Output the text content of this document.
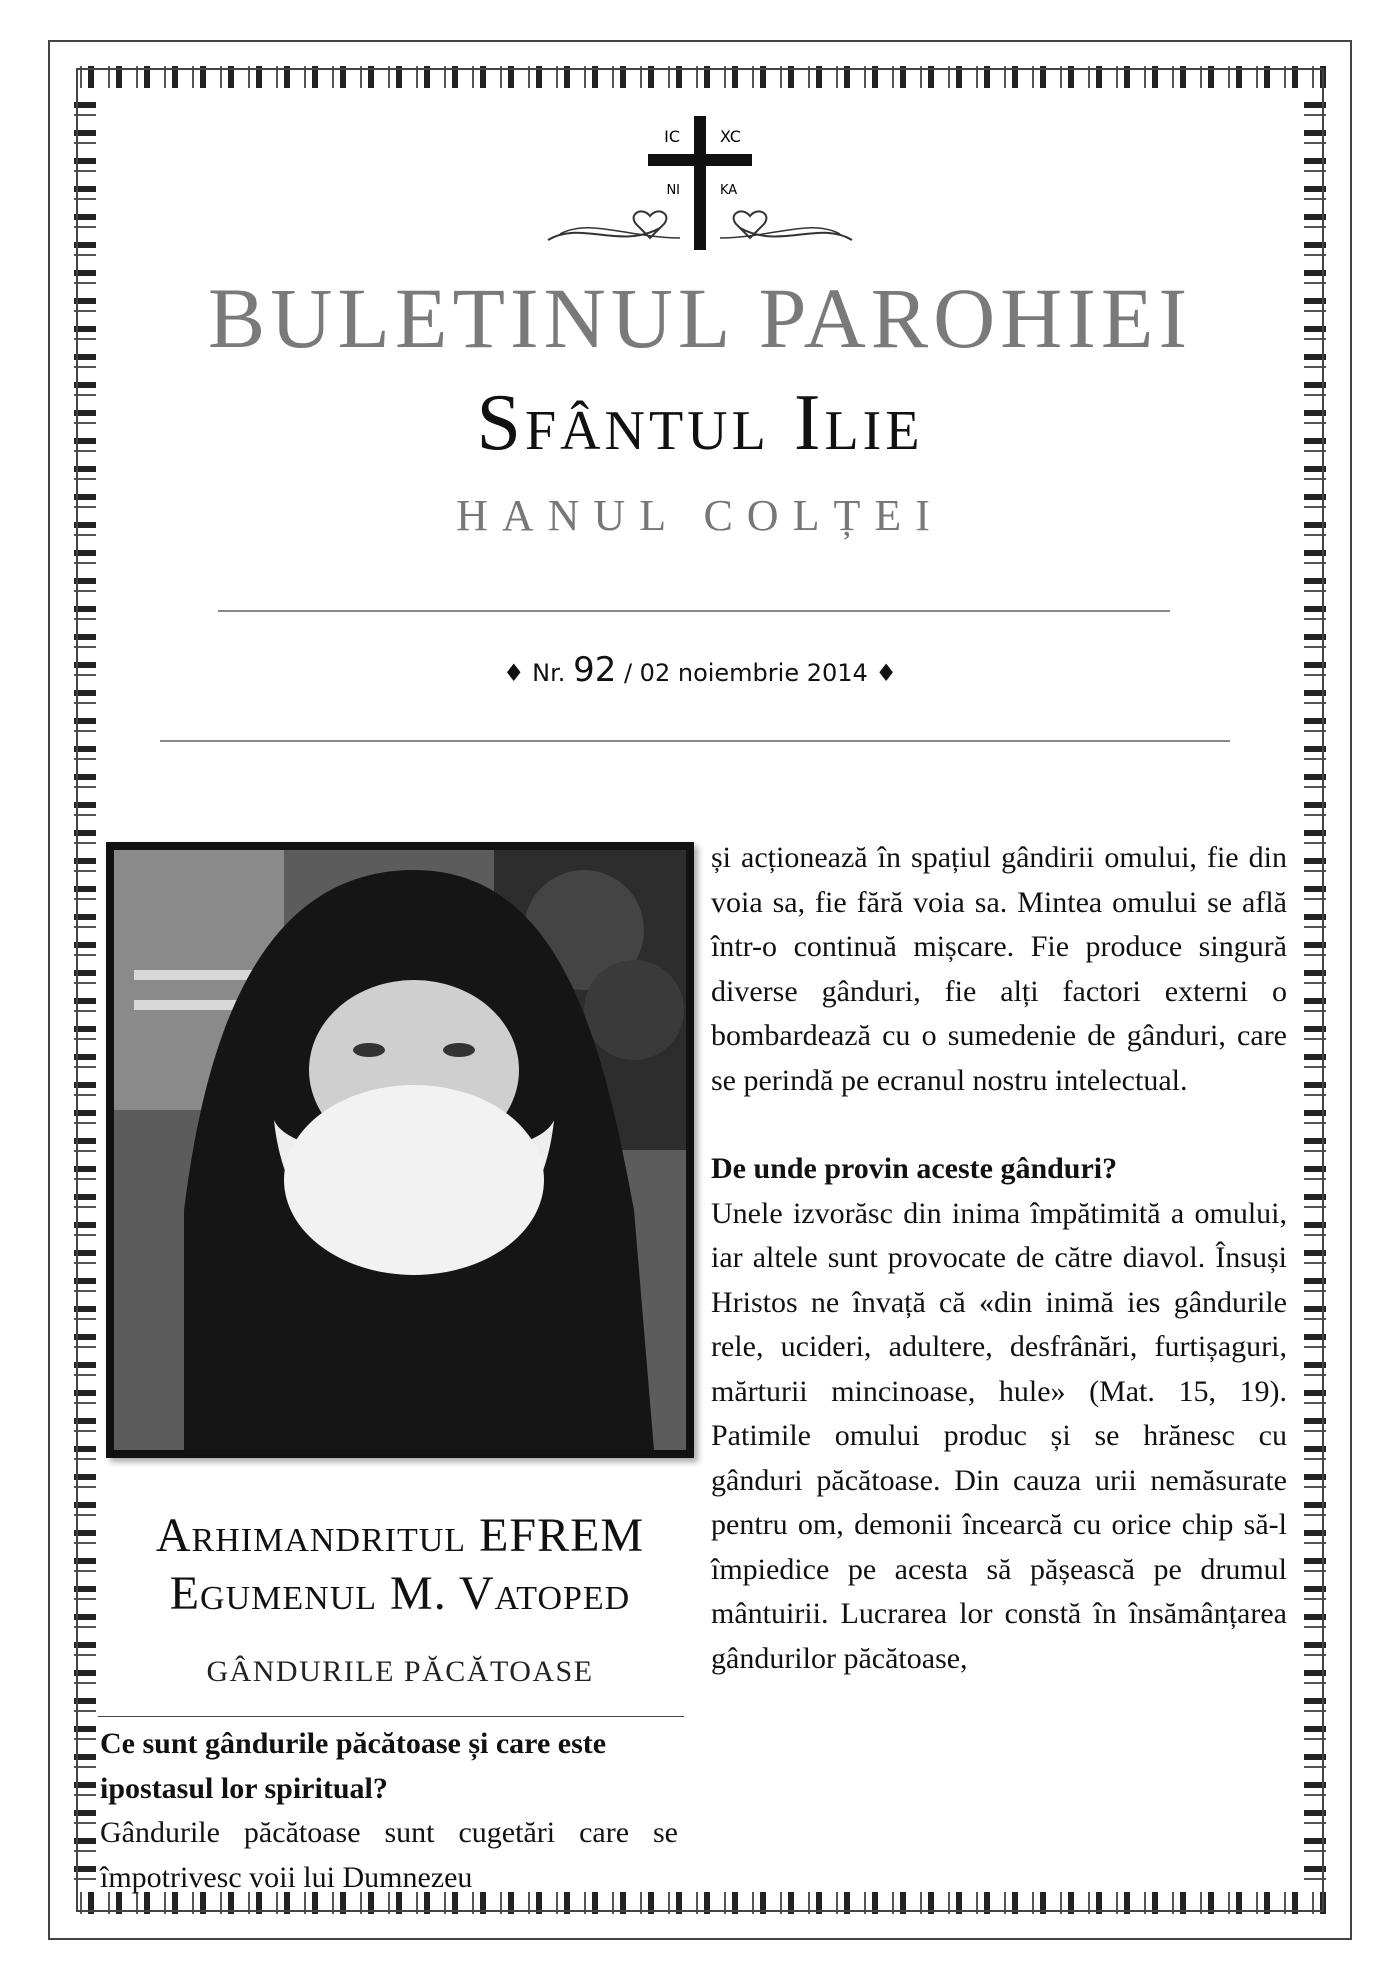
IC	XC
NI	KA
BULETINUL PAROHIEI
Sfântul Ilie
HANUL COLȚEI
♦ Nr. 92 / 02 noiembrie 2014 ♦
Arhimandritul EFREM
Egumenul M. Vatoped
GÂNDURILE PĂCĂTOASE

Ce sunt gândurile păcătoase și care este ipostasul lor spiritual?

Gândurile păcătoase sunt cugetări care se împotrivesc voii lui Dumnezeu

și acționează în spațiul gândirii omului, fie din voia sa, fie fără voia sa. Mintea omului se află într-o continuă mișcare. Fie produce singură diverse gânduri, fie alți factori externi o bombardează cu o sumedenie de gânduri, care se perindă pe ecranul nostru intelectual.

De unde provin aceste gânduri?

Unele izvorăsc din inima împătimită a omului, iar altele sunt provocate de către diavol. Însuși Hristos ne învață că «din inimă ies gândurile rele, ucideri, adultere, desfrânări, furtișaguri, mărturii mincinoase, hule» (Mat. 15, 19). Patimile omului produc și se hrănesc cu gânduri păcătoase. Din cauza urii nemăsurate pentru om, demonii încearcă cu orice chip să-l împiedice pe acesta să pășească pe drumul mântuirii. Lucrarea lor constă în însămânțarea gândurilor păcătoase,
